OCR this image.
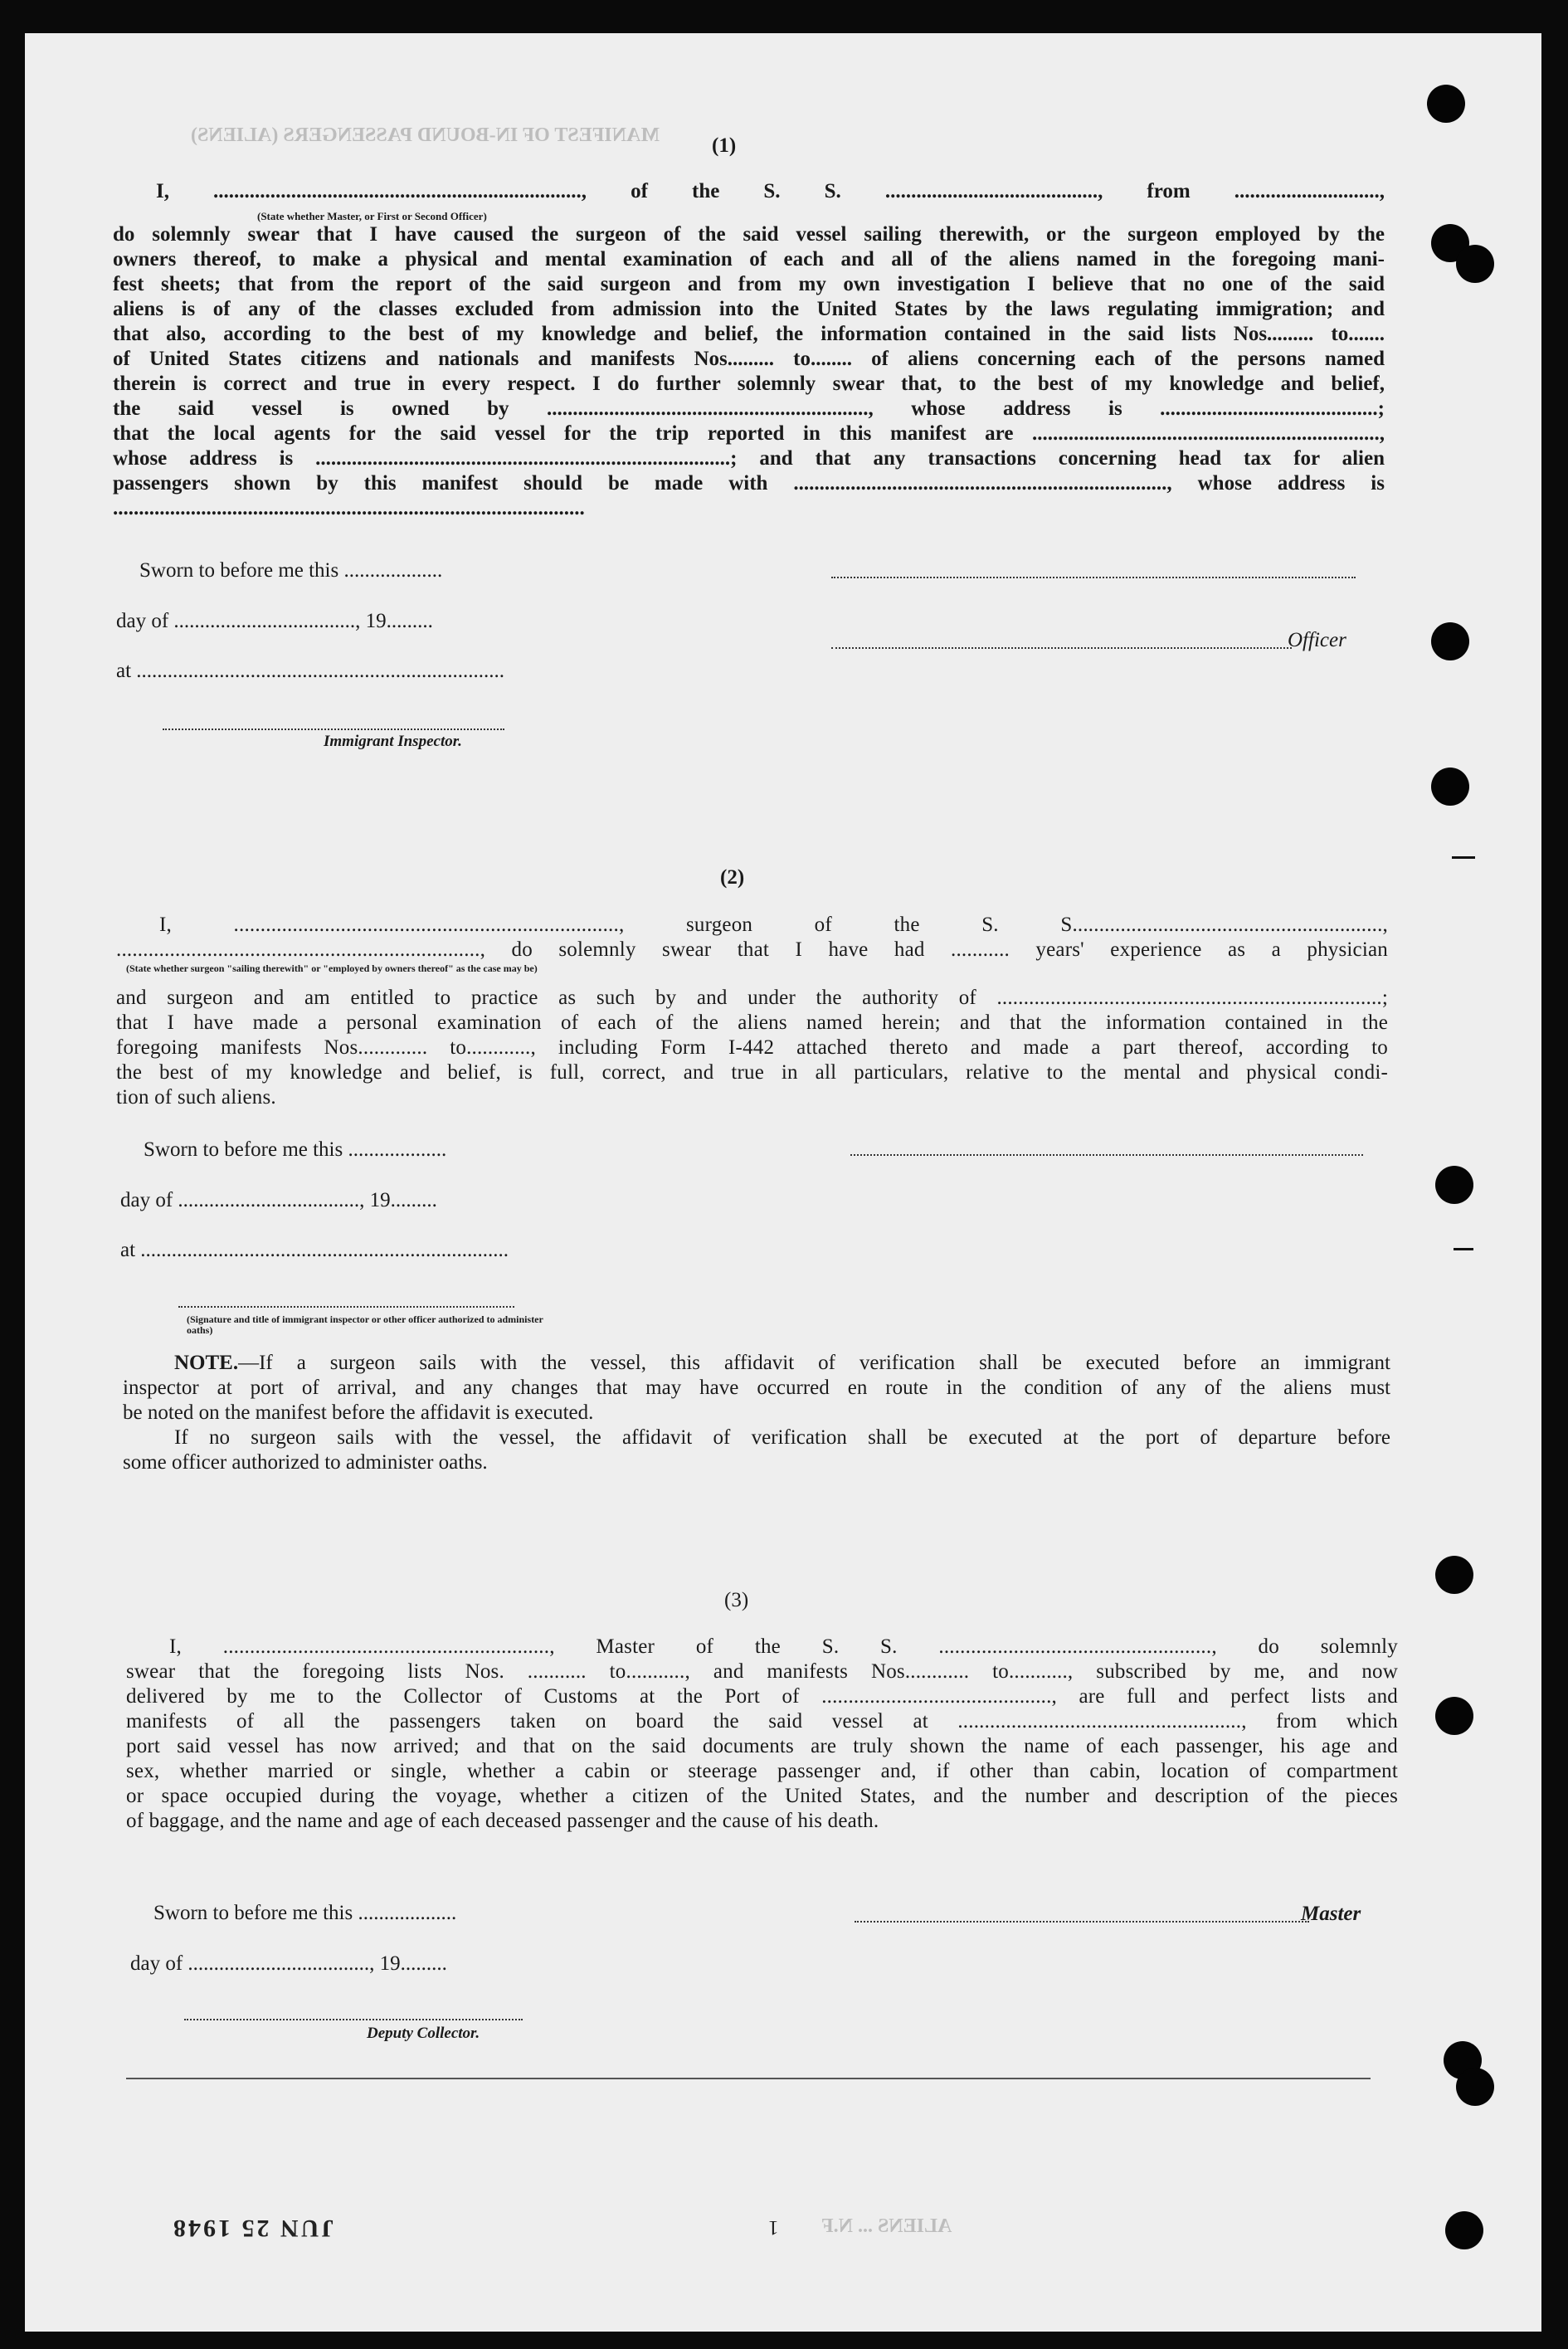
MANIFEST OF IN-BOUND PASSENGERS (ALIENS)	(1)
I, ......................................................................., of the S. S. ........................................., from ............................,
(State whether Master, or First or Second Officer)
do solemnly swear that I have caused the surgeon of the said vessel sailing therewith, or the surgeon employed by the
owners thereof, to make a physical and mental examination of each and all of the aliens named in the foregoing mani-
fest sheets; that from the report of the said surgeon and from my own investigation I believe that no one of the said
aliens is of any of the classes excluded from admission into the United States by the laws regulating immigration; and
that also, according to the best of my knowledge and belief, the information contained in the said lists Nos......... to.......
of United States citizens and nationals and manifests Nos......... to........ of aliens concerning each of the persons named
therein is correct and true in every respect. I do further solemnly swear that, to the best of my knowledge and belief,
the said vessel is owned by .............................................................., whose address is ..........................................;
that the local agents for the said vessel for the trip reported in this manifest are ...................................................................,
whose address is ................................................................................; and that any transactions concerning head tax for alien
passengers shown by this manifest should be made with ........................................................................, whose address is
...........................................................................................
Sworn to before me this ...................
day of ..................................., 19.........
at .......................................................................
Immigrant Inspector.
Officer
(2)
I, ........................................................................, surgeon of the S. S..........................................................,
...................................................................., do solemnly swear that I have had ........... years' experience as a physician
(State whether surgeon "sailing therewith" or "employed by owners thereof" as the case may be)
and surgeon and am entitled to practice as such by and under the authority of ........................................................................;
that I have made a personal examination of each of the aliens named herein; and that the information contained in the
foregoing manifests Nos............. to............, including Form I-442 attached thereto and made a part thereof, according to
the best of my knowledge and belief, is full, correct, and true in all particulars, relative to the mental and physical condi-
tion of such aliens.
Sworn to before me this ...................
day of ..................................., 19.........
at .......................................................................
(Signature and title of immigrant inspector or other officer authorized to administer oaths)
NOTE.—If a surgeon sails with the vessel, this affidavit of verification shall be executed before an immigrant
inspector at port of arrival, and any changes that may have occurred en route in the condition of any of the aliens must
be noted on the manifest before the affidavit is executed.
If no surgeon sails with the vessel, the affidavit of verification shall be executed at the port of departure before
some officer authorized to administer oaths.
(3)
I, ............................................................., Master of the S. S. ..................................................., do solemnly
swear that the foregoing lists Nos. ........... to..........., and manifests Nos............ to..........., subscribed by me, and now
delivered by me to the Collector of Customs at the Port of ..........................................., are full and perfect lists and
manifests of all the passengers taken on board the said vessel at ....................................................., from which
port said vessel has now arrived; and that on the said documents are truly shown the name of each passenger, his age and
sex, whether married or single, whether a cabin or steerage passenger and, if other than cabin, location of compartment
or space occupied during the voyage, whether a citizen of the United States, and the number and description of the pieces
of baggage, and the name and age of each deceased passenger and the cause of his death.
Sworn to before me this ...................
day of ..................................., 19.........
Deputy Collector.
Master
JUN 25 1948	1 ALIENS ... N.F
